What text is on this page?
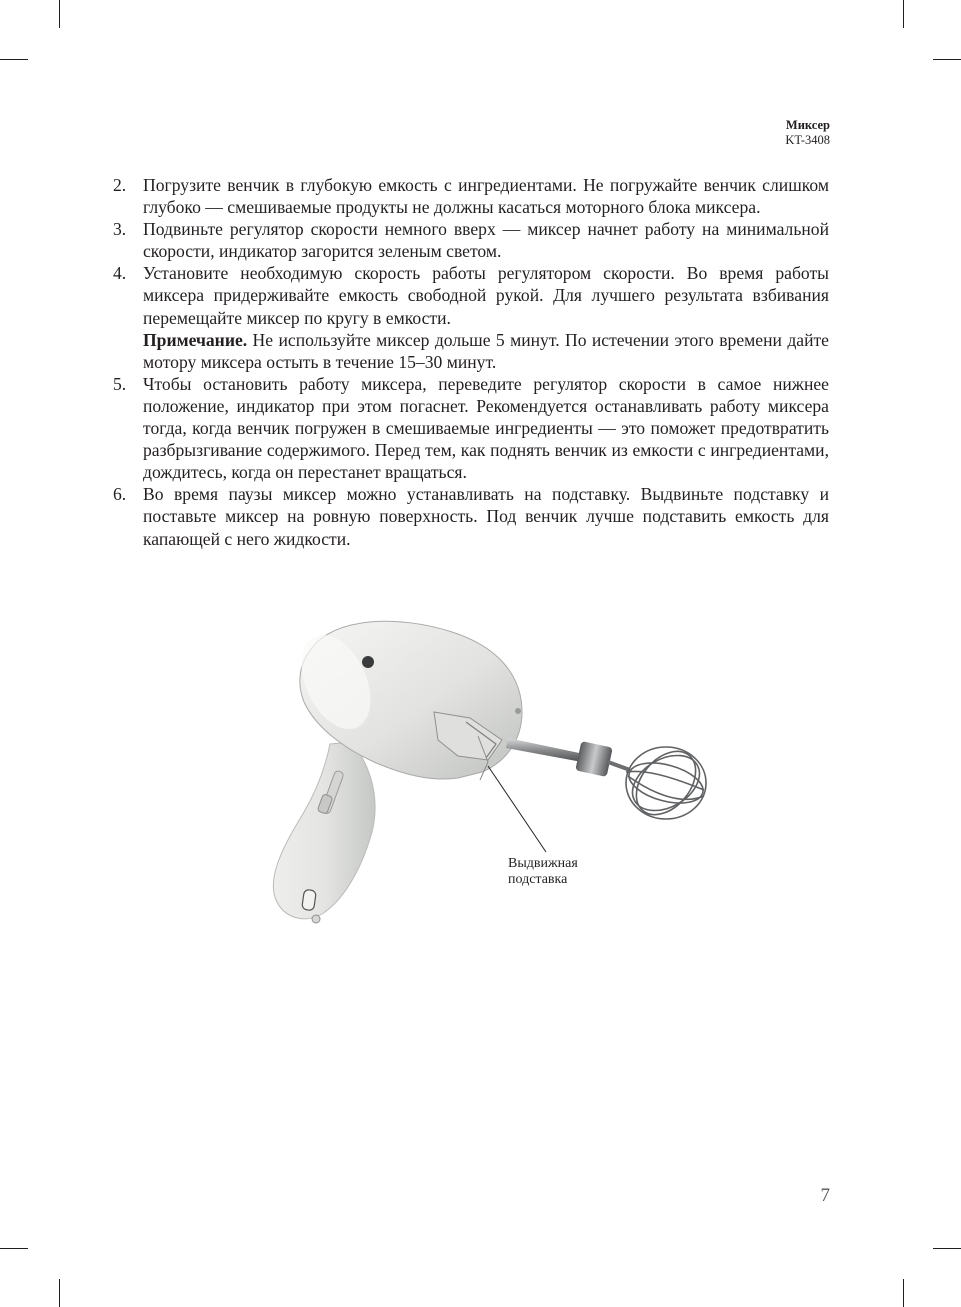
Миксер
KT-3408
2. Погрузите венчик в глубокую емкость с ингредиентами. Не погружайте венчик слишком глубоко — смешиваемые продукты не должны касаться моторного блока миксера.

3. Подвиньте регулятор скорости немного вверх — миксер начнет работу на минимальной скорости, индикатор загорится зеленым светом.

4. Установите необходимую скорость работы регулятором скорости. Во время работы миксера придерживайте емкость свободной рукой. Для лучшего результата взбивания перемещайте миксер по кругу в емкости.

Примечание. Не используйте миксер дольше 5 минут. По истечении этого времени дайте мотору миксера остыть в течение 15–30 минут.

5. Чтобы остановить работу миксера, переведите регулятор скорости в самое нижнее положение, индикатор при этом погаснет. Рекомендуется останавливать работу миксера тогда, когда венчик погружен в смешиваемые ингредиенты — это поможет предотвратить разбрызгивание содержимого. Перед тем, как поднять венчик из емкости с ингредиентами, дождитесь, когда он перестанет вращаться.

6. Во время паузы миксер можно устанавливать на подставку. Выдвиньте подставку и поставьте миксер на ровную поверхность. Под венчик лучше подставить емкость для капающей с него жидкости.

Выдвижная
подставка
7
